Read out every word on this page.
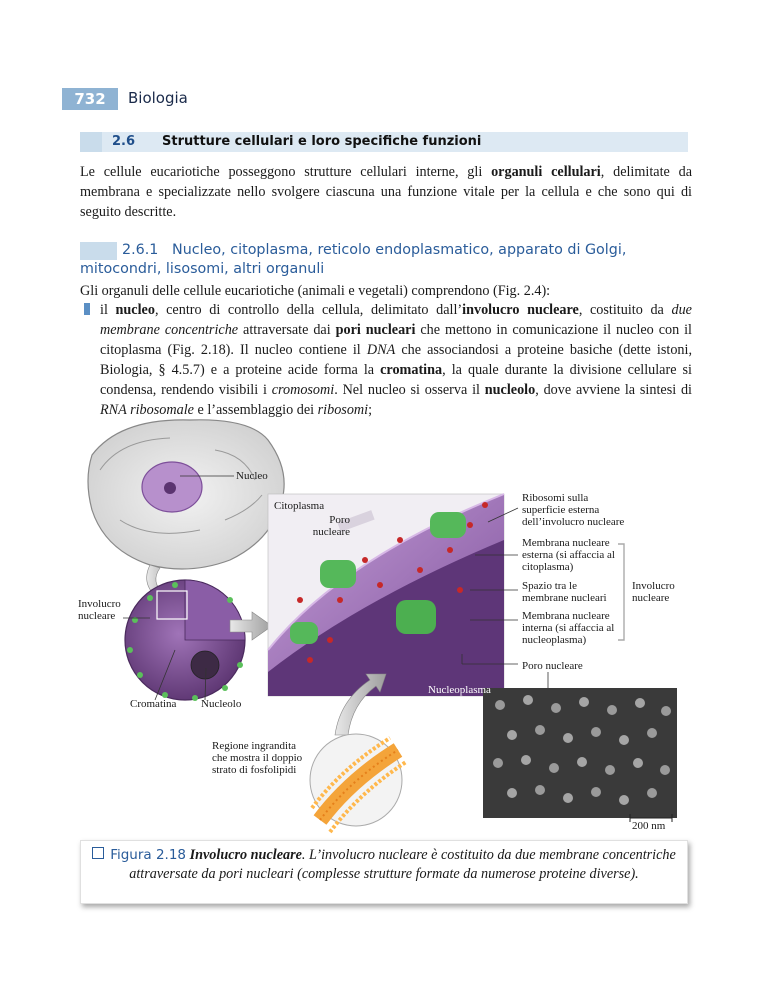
732	Biologia
2.6 Strutture cellulari e loro specifiche funzioni
Le cellule eucariotiche posseggono strutture cellulari interne, gli organuli cellulari, delimitate da membrana e specializzate nello svolgere ciascuna una funzione vitale per la cellula e che sono qui di seguito descritte.
2.6.1 Nucleo, citoplasma, reticolo endoplasmatico, apparato di Golgi, mitocondri, lisosomi, altri organuli
Gli organuli delle cellule eucariotiche (animali e vegetali) comprendono (Fig. 2.4):
il nucleo, centro di controllo della cellula, delimitato dall’involucro nucleare, costituito da due membrane concentriche attraversate dai pori nucleari che mettono in comunicazione il nucleo con il citoplasma (Fig. 2.18). Il nucleo contiene il DNA che associandosi a proteine basiche (dette istoni, Biologia, § 4.5.7) e a proteine acide forma la cromatina, la quale durante la divisione cellulare si condensa, rendendo visibili i cromosomi. Nel nucleo si osserva il nucleolo, dove avviene la sintesi di RNA ribosomale e l’assemblaggio dei ribosomi;
Nucleo
Citoplasma
Poro nucleare
Ribosomi sulla superficie esterna dell’involucro nucleare
Membrana nucleare esterna (si affaccia al citoplasma)
Spazio tra le membrane nucleari
Involucro nucleare
Membrana nucleare interna (si affaccia al nucleoplasma)
Involucro nucleare
Poro nucleare
Nucleoplasma
Cromatina Nucleolo
Regione ingrandita che mostra il doppio strato di fosfolipidi
200 nm
Figura 2.18 Involucro nucleare. L’involucro nucleare è costituito da due membrane concentriche attraversate da pori nucleari (complesse strutture formate da numerose proteine diverse).
